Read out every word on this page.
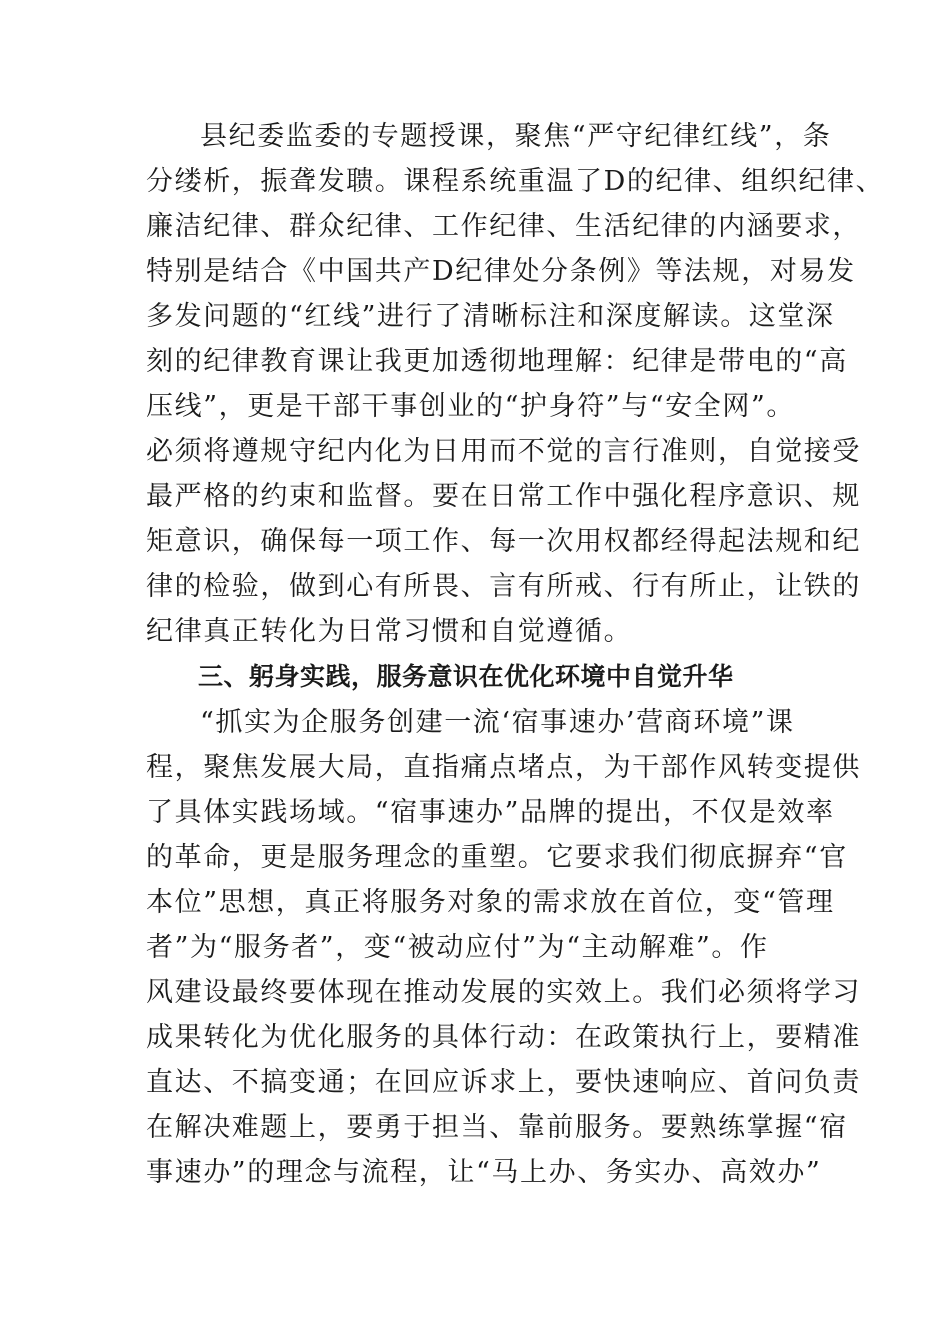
县纪委监委的专题授课，聚焦“严守纪律红线”，条
分缕析，振聋发聩。课程系统重温了D的纪律、组织纪律、
廉洁纪律、群众纪律、工作纪律、生活纪律的内涵要求，
特别是结合《中国共产D纪律处分条例》等法规，对易发
多发问题的“红线”进行了清晰标注和深度解读。这堂深
刻的纪律教育课让我更加透彻地理解：纪律是带电的“高
压线”，更是干部干事创业的“护身符”与“安全网”。
必须将遵规守纪内化为日用而不觉的言行准则，自觉接受
最严格的约束和监督。要在日常工作中强化程序意识、规
矩意识，确保每一项工作、每一次用权都经得起法规和纪
律的检验，做到心有所畏、言有所戒、行有所止，让铁的
纪律真正转化为日常习惯和自觉遵循。
三、躬身实践，服务意识在优化环境中自觉升华
“抓实为企服务创建一流‘宿事速办’营商环境”课
程，聚焦发展大局，直指痛点堵点，为干部作风转变提供
了具体实践场域。“宿事速办”品牌的提出，不仅是效率
的革命，更是服务理念的重塑。它要求我们彻底摒弃“官
本位”思想，真正将服务对象的需求放在首位，变“管理
者”为“服务者”，变“被动应付”为“主动解难”。作
风建设最终要体现在推动发展的实效上。我们必须将学习
成果转化为优化服务的具体行动：在政策执行上，要精准
直达、不搞变通；在回应诉求上，要快速响应、首问负责
在解决难题上，要勇于担当、靠前服务。要熟练掌握“宿
事速办”的理念与流程，让“马上办、务实办、高效办”
